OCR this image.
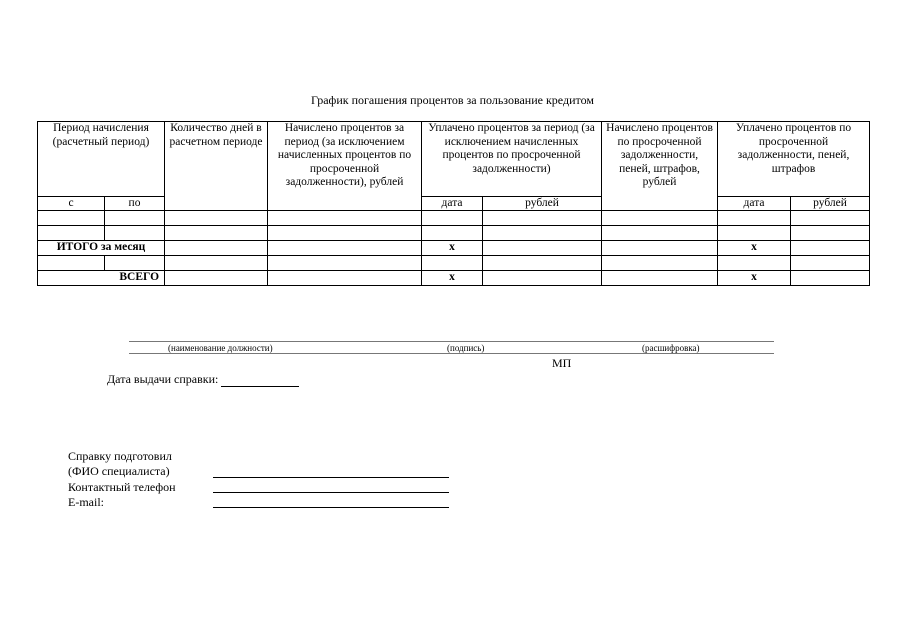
График погашения процентов за пользование кредитом
Период начисления (расчетный период)		Количество дней в расчетном периоде	Начислено процентов за период (за исключением начисленных процентов по просроченной задолженности), рублей	Уплачено процентов за период (за исключением начисленных процентов по просроченной задолженности)		Начислено процентов по просроченной задолженности, пеней, штрафов, рублей	Уплачено процентов по просроченной задолженности, пеней, штрафов	
с	по			дата	рублей		дата	рублей

ИТОГО за месяц				х			х	

ВСЕГО				х			х	
(наименование должности)	(подпись)	(расшифровка)
МП
Дата выдачи справки:
Справку подготовил
(ФИО специалиста)
Контактный телефон
E-mail:
